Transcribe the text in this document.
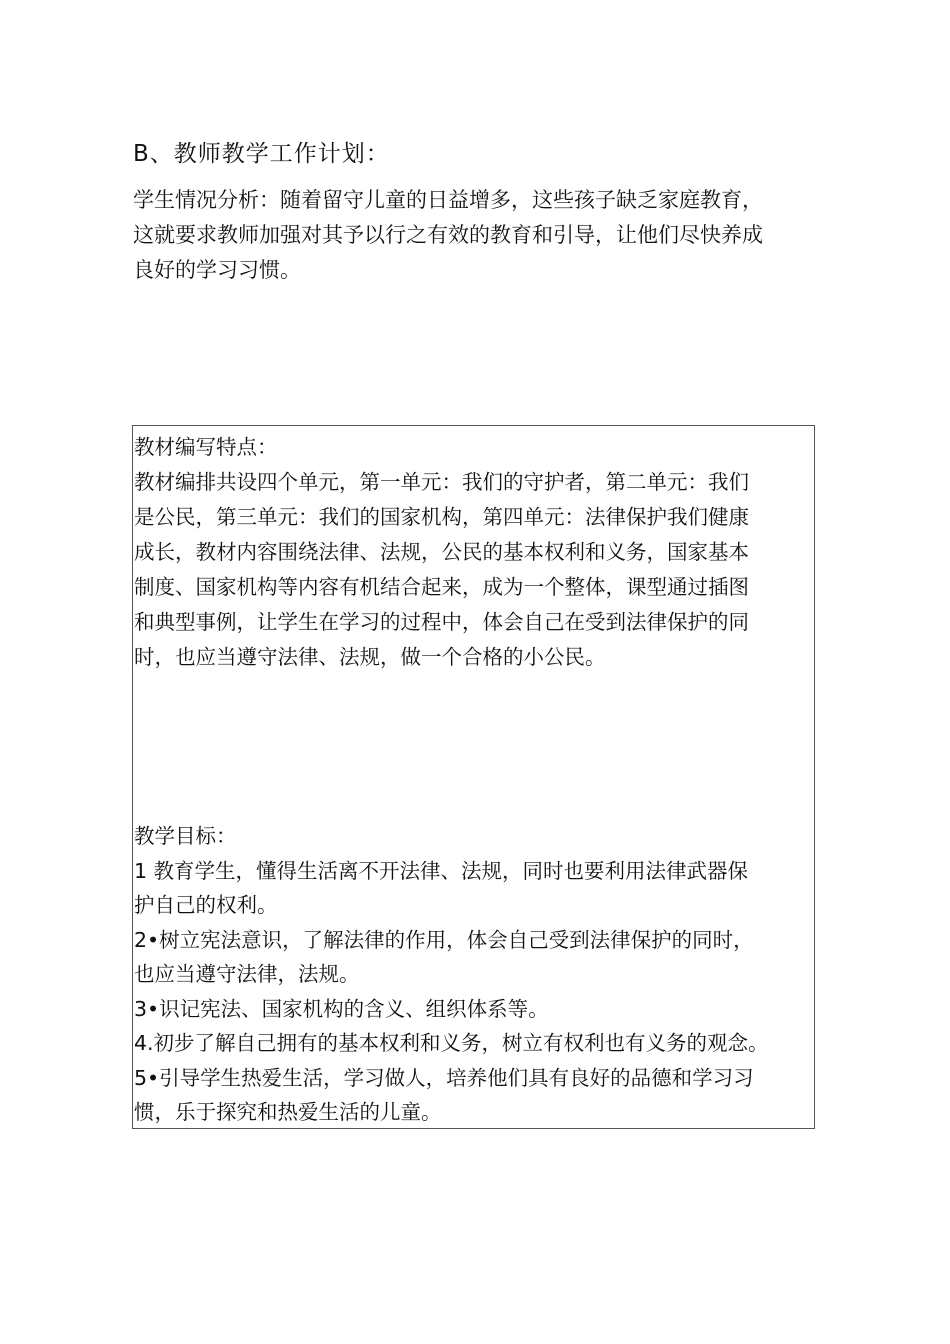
B、教师教学工作计划：

学生情况分析：随着留守儿童的日益增多，这些孩子缺乏家庭教育，
这就要求教师加强对其予以行之有效的教育和引导，让他们尽快养成
良好的学习习惯。

教材编写特点：
教材编排共设四个单元，第一单元：我们的守护者，第二单元：我们
是公民，第三单元：我们的国家机构，第四单元：法律保护我们健康
成长，教材内容围绕法律、法规，公民的基本权利和义务，国家基本
制度、国家机构等内容有机结合起来，成为一个整体，课型通过插图
和典型事例，让学生在学习的过程中，体会自己在受到法律保护的同
时，也应当遵守法律、法规，做一个合格的小公民。
教学目标：
1 教育学生，懂得生活离不开法律、法规，同时也要利用法律武器保
护自己的权利。
2•树立宪法意识，了解法律的作用，体会自己受到法律保护的同时，
也应当遵守法律，法规。
3•识记宪法、国家机构的含义、组织体系等。
4.初步了解自己拥有的基本权利和义务，树立有权利也有义务的观念。
5•引导学生热爱生活，学习做人，培养他们具有良好的品德和学习习
惯，乐于探究和热爱生活的儿童。
